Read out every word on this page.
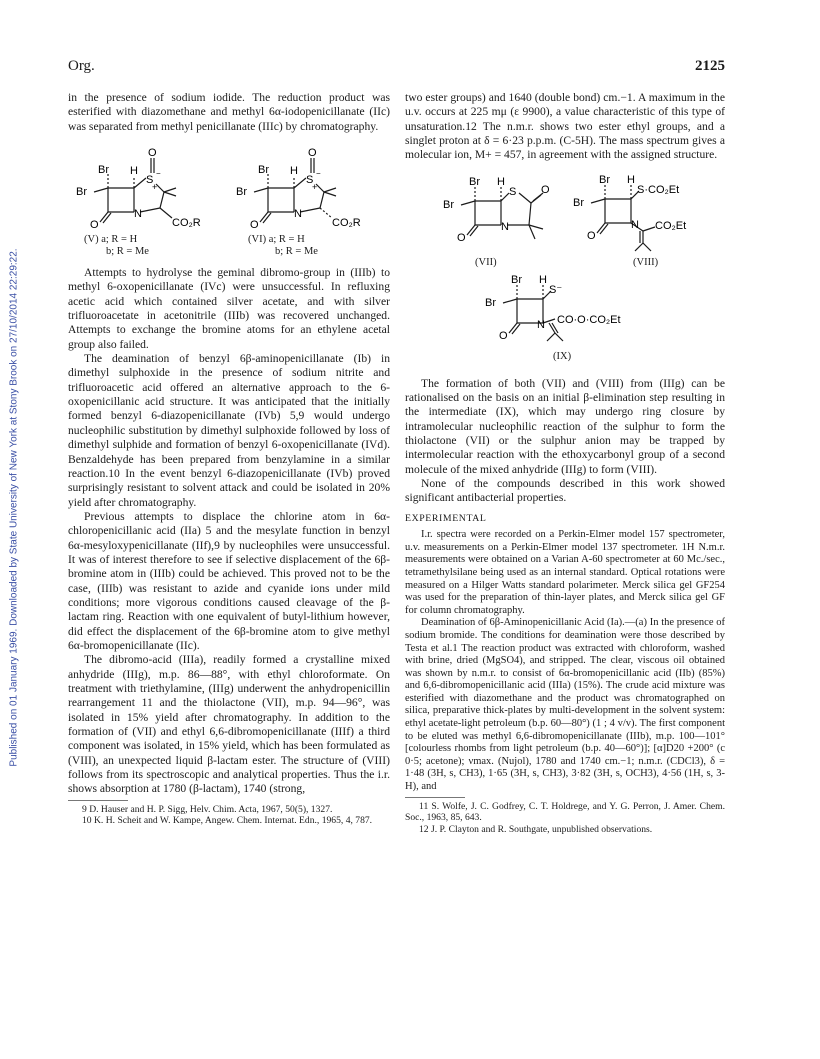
Org.	2125
Published on 01 January 1969. Downloaded by State University of New York at Stony Brook on 27/10/2014 22:29:22.

in the presence of sodium iodide. The reduction product was esterified with diazomethane and methyl 6α-iodopenicillanate (IIc) was separated from methyl penicillanate (IIIc) by chromatography.

O
S
−
+
N
O
Br
Br H
CO₂R
(V) a; R = H
b; R = Me
O
S
−
+
N
O
Br
Br H
CO₂R
(VI) a; R = H
b; R = Me

Attempts to hydrolyse the geminal dibromo-group in (IIIb) to methyl 6-oxopenicillanate (IVc) were unsuccessful. In refluxing acetic acid which contained silver acetate, and with silver trifluoroacetate in acetonitrile (IIIb) was recovered unchanged. Attempts to exchange the bromine atoms for an ethylene acetal group also failed.

The deamination of benzyl 6β-aminopenicillanate (Ib) in dimethyl sulphoxide in the presence of sodium nitrite and trifluoroacetic acid offered an alternative approach to the 6-oxopenicillanic acid structure. It was anticipated that the initially formed benzyl 6-diazopenicillanate (IVb) 5,9 would undergo nucleophilic substitution by dimethyl sulphoxide followed by loss of dimethyl sulphide and formation of benzyl 6-oxopenicillanate (IVd). Benzaldehyde has been prepared from benzylamine in a similar reaction.10 In the event benzyl 6-diazopenicillanate (IVb) proved surprisingly resistant to solvent attack and could be isolated in 20% yield after chromatography.

Previous attempts to displace the chlorine atom in 6α-chloropenicillanic acid (IIa) 5 and the mesylate function in benzyl 6α-mesyloxypenicillanate (IIf),9 by nucleophiles were unsuccessful. It was of interest therefore to see if selective displacement of the 6β-bromine atom in (IIIb) could be achieved. This proved not to be the case, (IIIb) was resistant to azide and cyanide ions under mild conditions; more vigorous conditions caused cleavage of the β-lactam ring. Reaction with one equivalent of butyl-lithium however, did effect the displacement of the 6β-bromine atom to give methyl 6α-bromopenicillanate (IIc).

The dibromo-acid (IIIa), readily formed a crystalline mixed anhydride (IIIg), m.p. 86—88°, with ethyl chloroformate. On treatment with triethylamine, (IIIg) underwent the anhydropenicillin rearrangement 11 and the thiolactone (VII), m.p. 94—96°, was isolated in 15% yield after chromatography. In addition to the formation of (VII) and ethyl 6,6-dibromopenicillanate (IIIf) a third component was isolated, in 15% yield, which has been formulated as (VIII), an unexpected liquid β-lactam ester. The structure of (VIII) follows from its spectroscopic and analytical properties. Thus the i.r. shows absorption at 1780 (β-lactam), 1740 (strong,

9 D. Hauser and H. P. Sigg, Helv. Chim. Acta, 1967, 50(5), 1327.

10 K. H. Scheit and W. Kampe, Angew. Chem. Internat. Edn., 1965, 4, 787.

two ester groups) and 1640 (double bond) cm.−1. A maximum in the u.v. occurs at 225 mμ (ε 9900), a value characteristic of this type of unsaturation.12 The n.m.r. shows two ester ethyl groups, and a singlet proton at δ = 6·23 p.p.m. (C-5H). The mass spectrum gives a molecular ion, M+ = 457, in agreement with the assigned structure.

Br
Br
H
S O
N
O
(VII)
Br
Br
H
S·CO₂Et
N CO₂Et
O
(VIII)
Br
Br
H
S⁻
N CO·O·CO₂Et
O
(IX)

The formation of both (VII) and (VIII) from (IIIg) can be rationalised on the basis on an initial β-elimination step resulting in the intermediate (IX), which may undergo ring closure by intramolecular nucleophilic reaction of the sulphur to form the thiolactone (VII) or the sulphur anion may be trapped by intermolecular reaction with the ethoxycarbonyl group of a second molecule of the mixed anhydride (IIIg) to form (VIII).

None of the compounds described in this work showed significant antibacterial properties.

EXPERIMENTAL

I.r. spectra were recorded on a Perkin-Elmer model 157 spectrometer, u.v. measurements on a Perkin-Elmer model 137 spectrometer. 1H N.m.r. measurements were obtained on a Varian A-60 spectrometer at 60 Mc./sec., tetramethylsilane being used as an internal standard. Optical rotations were measured on a Hilger Watts standard polarimeter. Merck silica gel GF254 was used for the preparation of thin-layer plates, and Merck silica gel GF for column chromatography.

Deamination of 6β-Aminopenicillanic Acid (Ia).—(a) In the presence of sodium bromide. The conditions for deamination were those described by Testa et al.1 The reaction product was extracted with chloroform, washed with brine, dried (MgSO4), and stripped. The clear, viscous oil obtained was shown by n.m.r. to consist of 6α-bromopenicillanic acid (IIb) (85%) and 6,6-dibromopenicillanic acid (IIIa) (15%). The crude acid mixture was esterified with diazomethane and the product was chromatographed on silica, preparative thick-plates by multi-development in the solvent system: ethyl acetate-light petroleum (b.p. 60—80°) (1 ; 4 v/v). The first component to be eluted was methyl 6,6-dibromopenicillanate (IIIb), m.p. 100—101° [colourless rhombs from light petroleum (b.p. 40—60°)]; [α]D20 +200° (c 0·5; acetone); νmax. (Nujol), 1780 and 1740 cm.−1; n.m.r. (CDCl3), δ = 1·48 (3H, s, CH3), 1·65 (3H, s, CH3), 3·82 (3H, s, OCH3), 4·56 (1H, s, 3-H), and

11 S. Wolfe, J. C. Godfrey, C. T. Holdrege, and Y. G. Perron, J. Amer. Chem. Soc., 1963, 85, 643.

12 J. P. Clayton and R. Southgate, unpublished observations.
